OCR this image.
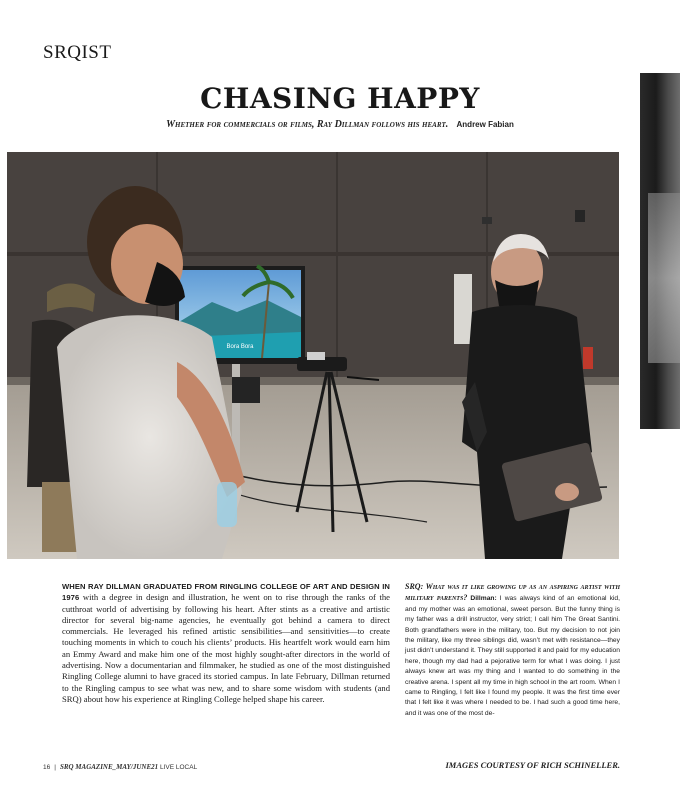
SRQIST
CHASING HAPPY
Whether for commercials or films, Ray Dillman follows his heart. Andrew Fabian
Bora Bora
WHEN RAY DILLMAN GRADUATED FROM RINGLING COLLEGE OF ART AND DESIGN IN 1976 with a degree in design and illustration, he went on to rise through the ranks of the cutthroat world of advertising by following his heart. After stints as a creative and artistic director for several big-name agencies, he eventually got behind a camera to direct commercials. He leveraged his refined artistic sensibilities—and sensitivities—to create touching moments in which to couch his clients’ products. His heartfelt work would earn him an Emmy Award and make him one of the most highly sought-after directors in the world of advertising. Now a documentarian and filmmaker, he studied as one of the most distinguished Ringling College alumni to have graced its storied campus. In late February, Dillman returned to the Ringling campus to see what was new, and to share some wisdom with students (and SRQ) about how his experience at Ringling College helped shape his career.
SRQ: What was it like growing up as an aspiring artist with military parents? Dillman: I was always kind of an emotional kid, and my mother was an emotional, sweet person. But the funny thing is my father was a drill instructor, very strict; I call him The Great Santini. Both grandfathers were in the military, too. But my decision to not join the military, like my three siblings did, wasn’t met with resistance—they just didn’t understand it. They still supported it and paid for my education here, though my dad had a pejorative term for what I was doing. I just always knew art was my thing and I wanted to do something in the creative arena. I spent all my time in high school in the art room. When I came to Ringling, I felt like I found my people. It was the first time ever that I felt like it was where I needed to be. I had such a good time here, and it was one of the most de-
16 | SRQ MAGAZINE_MAY/JUNE21 LIVE LOCAL	IMAGES COURTESY OF RICH SCHINELLER.
